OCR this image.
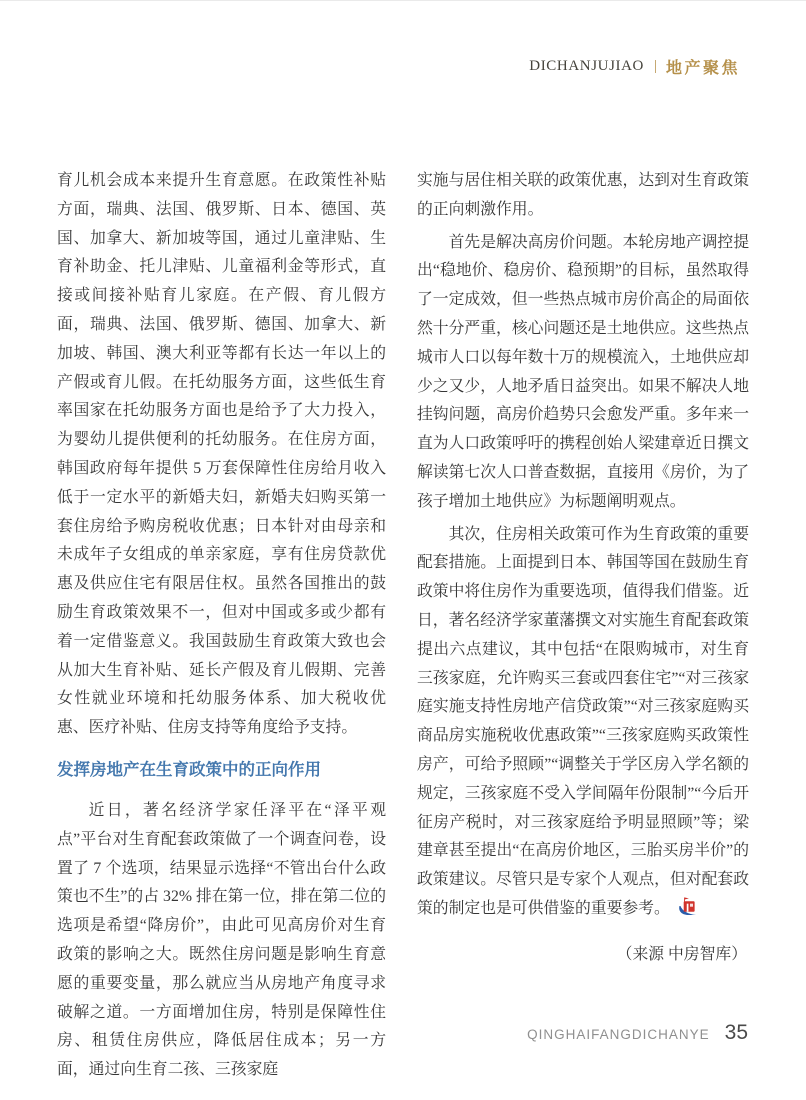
DICHANJUJIAO | 地产聚焦

育儿机会成本来提升生育意愿。在政策性补贴方面，瑞典、法国、俄罗斯、日本、德国、英国、加拿大、新加坡等国，通过儿童津贴、生育补助金、托儿津贴、儿童福利金等形式，直接或间接补贴育儿家庭。在产假、育儿假方面，瑞典、法国、俄罗斯、德国、加拿大、新加坡、韩国、澳大利亚等都有长达一年以上的产假或育儿假。在托幼服务方面，这些低生育率国家在托幼服务方面也是给予了大力投入，为婴幼儿提供便利的托幼服务。在住房方面，韩国政府每年提供 5 万套保障性住房给月收入低于一定水平的新婚夫妇，新婚夫妇购买第一套住房给予购房税收优惠；日本针对由母亲和未成年子女组成的单亲家庭，享有住房贷款优惠及供应住宅有限居住权。虽然各国推出的鼓励生育政策效果不一，但对中国或多或少都有着一定借鉴意义。我国鼓励生育政策大致也会从加大生育补贴、延长产假及育儿假期、完善女性就业环境和托幼服务体系、加大税收优惠、医疗补贴、住房支持等角度给予支持。

发挥房地产在生育政策中的正向作用

近日，著名经济学家任泽平在“泽平观点”平台对生育配套政策做了一个调查问卷，设置了 7 个选项，结果显示选择“不管出台什么政策也不生”的占 32% 排在第一位，排在第二位的选项是希望“降房价”，由此可见高房价对生育政策的影响之大。既然住房问题是影响生育意愿的重要变量，那么就应当从房地产角度寻求破解之道。一方面增加住房，特别是保障性住房、租赁住房供应，降低居住成本；另一方面，通过向生育二孩、三孩家庭

实施与居住相关联的政策优惠，达到对生育政策的正向刺激作用。

首先是解决高房价问题。本轮房地产调控提出“稳地价、稳房价、稳预期”的目标，虽然取得了一定成效，但一些热点城市房价高企的局面依然十分严重，核心问题还是土地供应。这些热点城市人口以每年数十万的规模流入，土地供应却少之又少，人地矛盾日益突出。如果不解决人地挂钩问题，高房价趋势只会愈发严重。多年来一直为人口政策呼吁的携程创始人梁建章近日撰文解读第七次人口普查数据，直接用《房价，为了孩子增加土地供应》为标题阐明观点。

其次，住房相关政策可作为生育政策的重要配套措施。上面提到日本、韩国等国在鼓励生育政策中将住房作为重要选项，值得我们借鉴。近日，著名经济学家董藩撰文对实施生育配套政策提出六点建议，其中包括“在限购城市，对生育三孩家庭，允许购买三套或四套住宅”“对三孩家庭实施支持性房地产信贷政策”“对三孩家庭购买商品房实施税收优惠政策”“三孩家庭购买政策性房产，可给予照顾”“调整关于学区房入学名额的规定，三孩家庭不受入学间隔年份限制”“今后开征房产税时，对三孩家庭给予明显照顾”等；梁建章甚至提出“在高房价地区，三胎买房半价”的政策建议。尽管只是专家个人观点，但对配套政策的制定也是可供借鉴的重要参考。

（来源 中房智库）

QINGHAIFANGDICHANYE 35
